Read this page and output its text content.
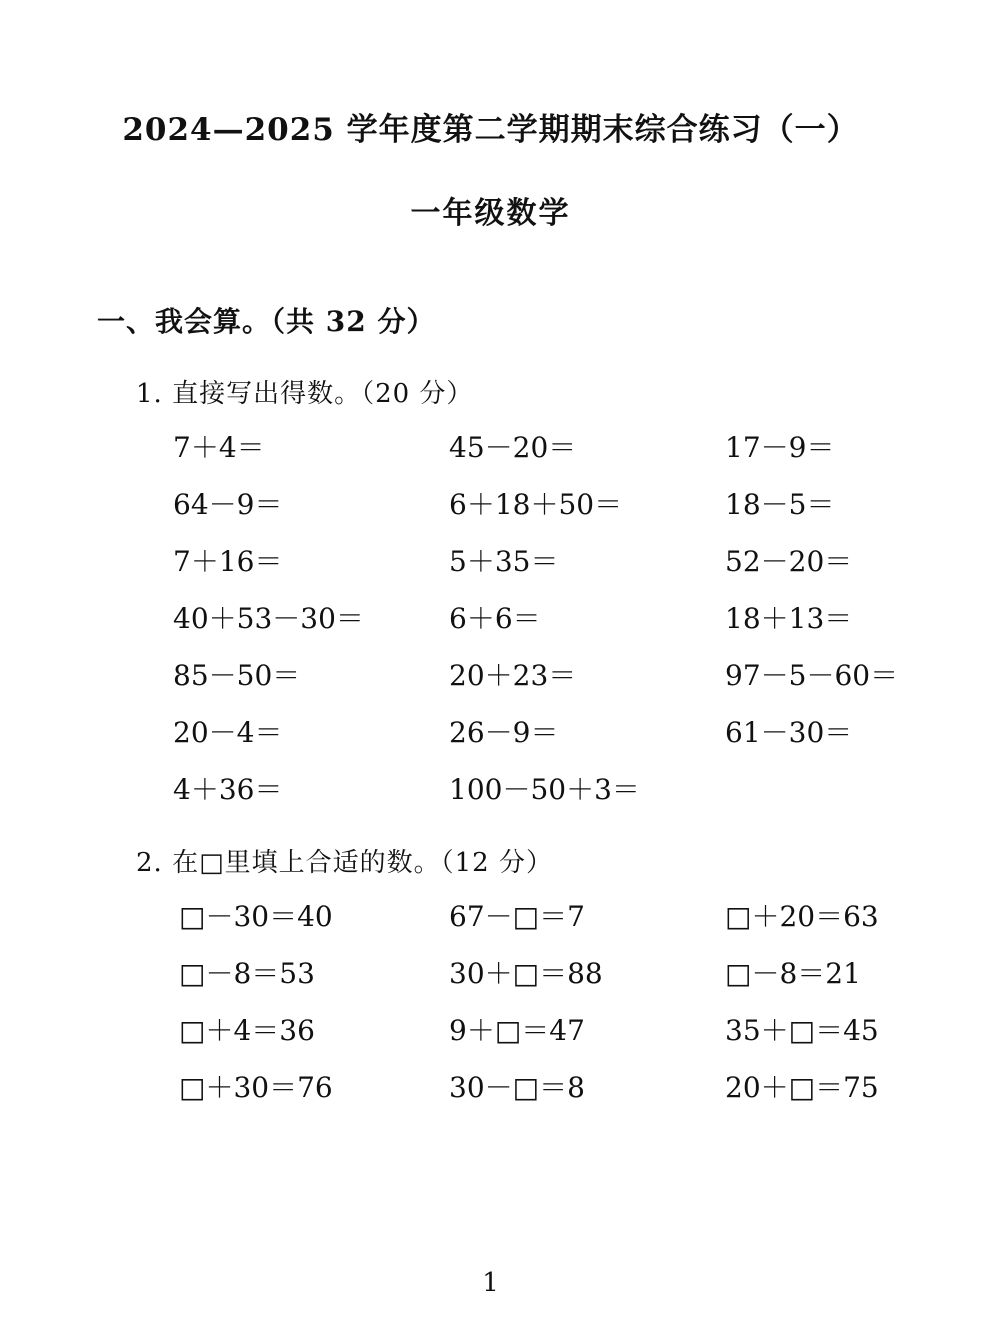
2024—2025 学年度第二学期期末综合练习（一）
一年级数学
一、我会算。（共 32 分）
1. 直接写出得数。（20 分）
7＋4＝	45－20＝	17－9＝
64－9＝	6＋18＋50＝	18－5＝
7＋16＝	5＋35＝	52－20＝
40＋53－30＝	6＋6＝	18＋13＝
85－50＝	20＋23＝	97－5－60＝
20－4＝	26－9＝	61－30＝
4＋36＝	100－50＋3＝
2. 在□里填上合适的数。（12 分）
□－30＝40	67－□＝7	□＋20＝63
□－8＝53	30＋□＝88	□－8＝21
□＋4＝36	9＋□＝47	35＋□＝45
□＋30＝76	30－□＝8	20＋□＝75
1
